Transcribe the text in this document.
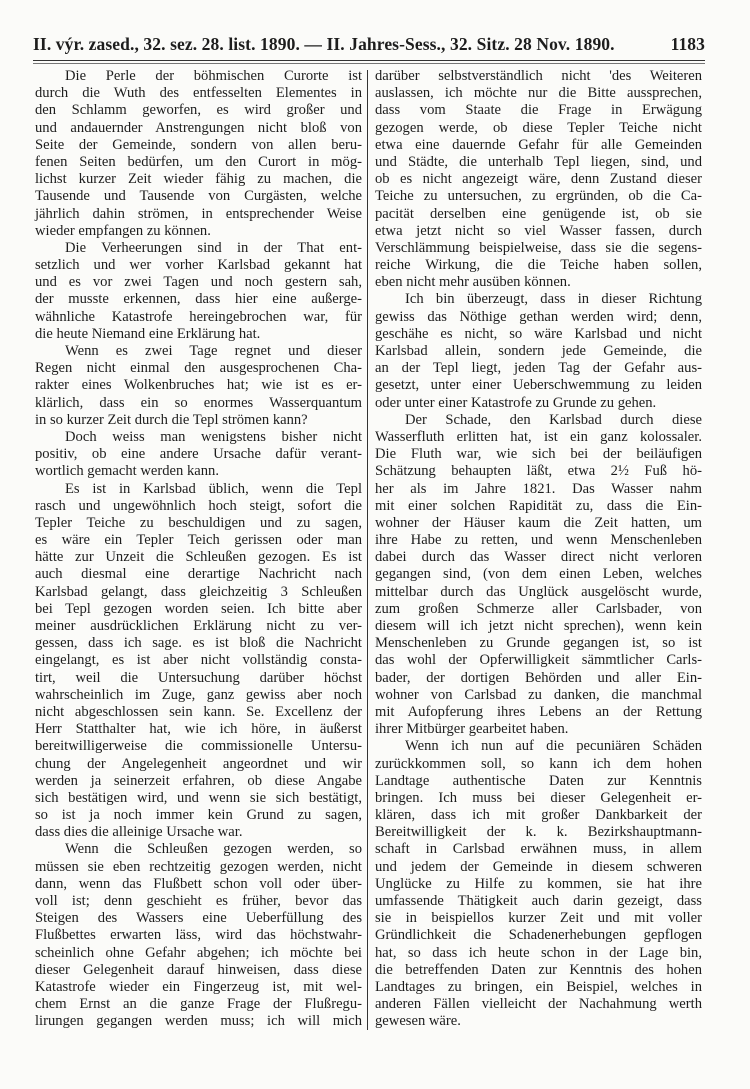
II. výr. zased., 32. sez. 28. list. 1890. — II. Jahres-Sess., 32. Sitz. 28 Nov. 1890.	1183
Die Perle der böhmischen Curorte ist
durch die Wuth des entfesselten Elementes in
den Schlamm geworfen, es wird großer und
und andauernder Anstrengungen nicht bloß von
Seite der Gemeinde, sondern von allen beru-
fenen Seiten bedürfen, um den Curort in mög-
lichst kurzer Zeit wieder fähig zu machen, die
Tausende und Tausende von Curgästen, welche
jährlich dahin strömen, in entsprechender Weise
wieder empfangen zu können.
Die Verheerungen sind in der That ent-
setzlich und wer vorher Karlsbad gekannt hat
und es vor zwei Tagen und noch gestern sah,
der musste erkennen, dass hier eine außerge-
wähnliche Katastrofe hereingebrochen war, für
die heute Niemand eine Erklärung hat.
Wenn es zwei Tage regnet und dieser
Regen nicht einmal den ausgesprochenen Cha-
rakter eines Wolkenbruches hat; wie ist es er-
klärlich, dass ein so enormes Wasserquantum
in so kurzer Zeit durch die Tepl strömen kann?
Doch weiss man wenigstens bisher nicht
positiv, ob eine andere Ursache dafür verant-
wortlich gemacht werden kann.
Es ist in Karlsbad üblich, wenn die Tepl
rasch und ungewöhnlich hoch steigt, sofort die
Tepler Teiche zu beschuldigen und zu sagen,
es wäre ein Tepler Teich gerissen oder man
hätte zur Unzeit die Schleußen gezogen. Es ist
auch diesmal eine derartige Nachricht nach
Karlsbad gelangt, dass gleichzeitig 3 Schleußen
bei Tepl gezogen worden seien. Ich bitte aber
meiner ausdrücklichen Erklärung nicht zu ver-
gessen, dass ich sage. es ist bloß die Nachricht
eingelangt, es ist aber nicht vollständig consta-
tirt, weil die Untersuchung darüber höchst
wahrscheinlich im Zuge, ganz gewiss aber noch
nicht abgeschlossen sein kann. Se. Excellenz der
Herr Statthalter hat, wie ich höre, in äußerst
bereitwilligerweise die commissionelle Untersu-
chung der Angelegenheit angeordnet und wir
werden ja seinerzeit erfahren, ob diese Angabe
sich bestätigen wird, und wenn sie sich bestätigt,
so ist ja noch immer kein Grund zu sagen,
dass dies die alleinige Ursache war.
Wenn die Schleußen gezogen werden, so
müssen sie eben rechtzeitig gezogen werden, nicht
dann, wenn das Flußbett schon voll oder über-
voll ist; denn geschieht es früher, bevor das
Steigen des Wassers eine Ueberfüllung des
Flußbettes erwarten läss, wird das höchstwahr-
scheinlich ohne Gefahr abgehen; ich möchte bei
dieser Gelegenheit darauf hinweisen, dass diese
Katastrofe wieder ein Fingerzeug ist, mit wel-
chem Ernst an die ganze Frage der Flußregu-
lirungen gegangen werden muss; ich will mich
darüber selbstverständlich nicht 'des Weiteren
auslassen, ich möchte nur die Bitte aussprechen,
dass vom Staate die Frage in Erwägung
gezogen werde, ob diese Tepler Teiche nicht
etwa eine dauernde Gefahr für alle Gemeinden
und Städte, die unterhalb Tepl liegen, sind, und
ob es nicht angezeigt wäre, denn Zustand dieser
Teiche zu untersuchen, zu ergründen, ob die Ca-
pacität derselben eine genügende ist, ob sie
etwa jetzt nicht so viel Wasser fassen, durch
Verschlämmung beispielweise, dass sie die segens-
reiche Wirkung, die die Teiche haben sollen,
eben nicht mehr ausüben können.
Ich bin überzeugt, dass in dieser Richtung
gewiss das Nöthige gethan werden wird; denn,
geschähe es nicht, so wäre Karlsbad und nicht
Karlsbad allein, sondern jede Gemeinde, die
an der Tepl liegt, jeden Tag der Gefahr aus-
gesetzt, unter einer Ueberschwemmung zu leiden
oder unter einer Katastrofe zu Grunde zu gehen.
Der Schade, den Karlsbad durch diese
Wasserfluth erlitten hat, ist ein ganz kolossaler.
Die Fluth war, wie sich bei der beiläufigen
Schätzung behaupten läßt, etwa 2½ Fuß hö-
her als im Jahre 1821. Das Wasser nahm
mit einer solchen Rapidität zu, dass die Ein-
wohner der Häuser kaum die Zeit hatten, um
ihre Habe zu retten, und wenn Menschenleben
dabei durch das Wasser direct nicht verloren
gegangen sind, (von dem einen Leben, welches
mittelbar durch das Unglück ausgelöscht wurde,
zum großen Schmerze aller Carlsbader, von
diesem will ich jetzt nicht sprechen), wenn kein
Menschenleben zu Grunde gegangen ist, so ist
das wohl der Opferwilligkeit sämmtlicher Carls-
bader, der dortigen Behörden und aller Ein-
wohner von Carlsbad zu danken, die manchmal
mit Aufopferung ihres Lebens an der Rettung
ihrer Mitbürger gearbeitet haben.
Wenn ich nun auf die pecuniären Schäden
zurückkommen soll, so kann ich dem hohen
Landtage authentische Daten zur Kenntnis
bringen. Ich muss bei dieser Gelegenheit er-
klären, dass ich mit großer Dankbarkeit der
Bereitwilligkeit der k. k. Bezirkshauptmann-
schaft in Carlsbad erwähnen muss, in allem
und jedem der Gemeinde in diesem schweren
Unglücke zu Hilfe zu kommen, sie hat ihre
umfassende Thätigkeit auch darin gezeigt, dass
sie in beispiellos kurzer Zeit und mit voller
Gründlichkeit die Schadenerhebungen gepflogen
hat, so dass ich heute schon in der Lage bin,
die betreffenden Daten zur Kenntnis des hohen
Landtages zu bringen, ein Beispiel, welches in
anderen Fällen vielleicht der Nachahmung werth
gewesen wäre.
